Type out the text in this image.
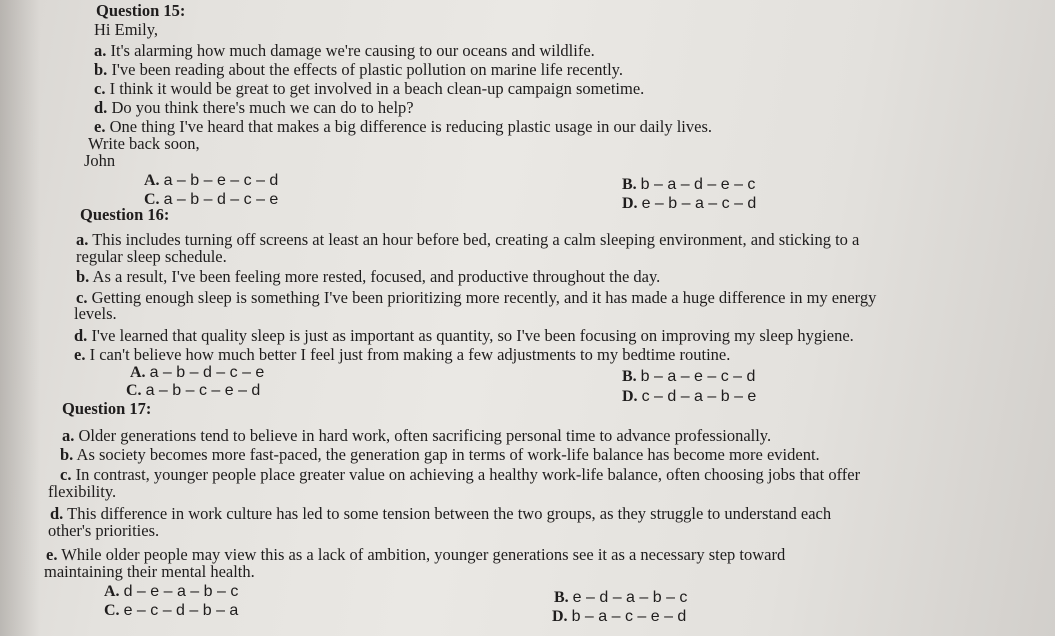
Question 15:
Hi Emily,
a. It's alarming how much damage we're causing to our oceans and wildlife.
b. I've been reading about the effects of plastic pollution on marine life recently.
c. I think it would be great to get involved in a beach clean-up campaign sometime.
d. Do you think there's much we can do to help?
e. One thing I've heard that makes a big difference is reducing plastic usage in our daily lives.
Write back soon,
John
A. a – b – e – c – d	B. b – a – d – e – c
C. a – b – d – c – e	D. e – b – a – c – d
Question 16:
a. This includes turning off screens at least an hour before bed, creating a calm sleeping environment, and sticking to a
regular sleep schedule.
b. As a result, I've been feeling more rested, focused, and productive throughout the day.
c. Getting enough sleep is something I've been prioritizing more recently, and it has made a huge difference in my energy
levels.
d. I've learned that quality sleep is just as important as quantity, so I've been focusing on improving my sleep hygiene.
e. I can't believe how much better I feel just from making a few adjustments to my bedtime routine.
A. a – b – d – c – e	B. b – a – e – c – d
C. a – b – c – e – d	D. c – d – a – b – e
Question 17:
a. Older generations tend to believe in hard work, often sacrificing personal time to advance professionally.
b. As society becomes more fast-paced, the generation gap in terms of work-life balance has become more evident.
c. In contrast, younger people place greater value on achieving a healthy work-life balance, often choosing jobs that offer
flexibility.
d. This difference in work culture has led to some tension between the two groups, as they struggle to understand each
other's priorities.
e. While older people may view this as a lack of ambition, younger generations see it as a necessary step toward
maintaining their mental health.
A. d – e – a – b – c	B. e – d – a – b – c
C. e – c – d – b – a	D. b – a – c – e – d
